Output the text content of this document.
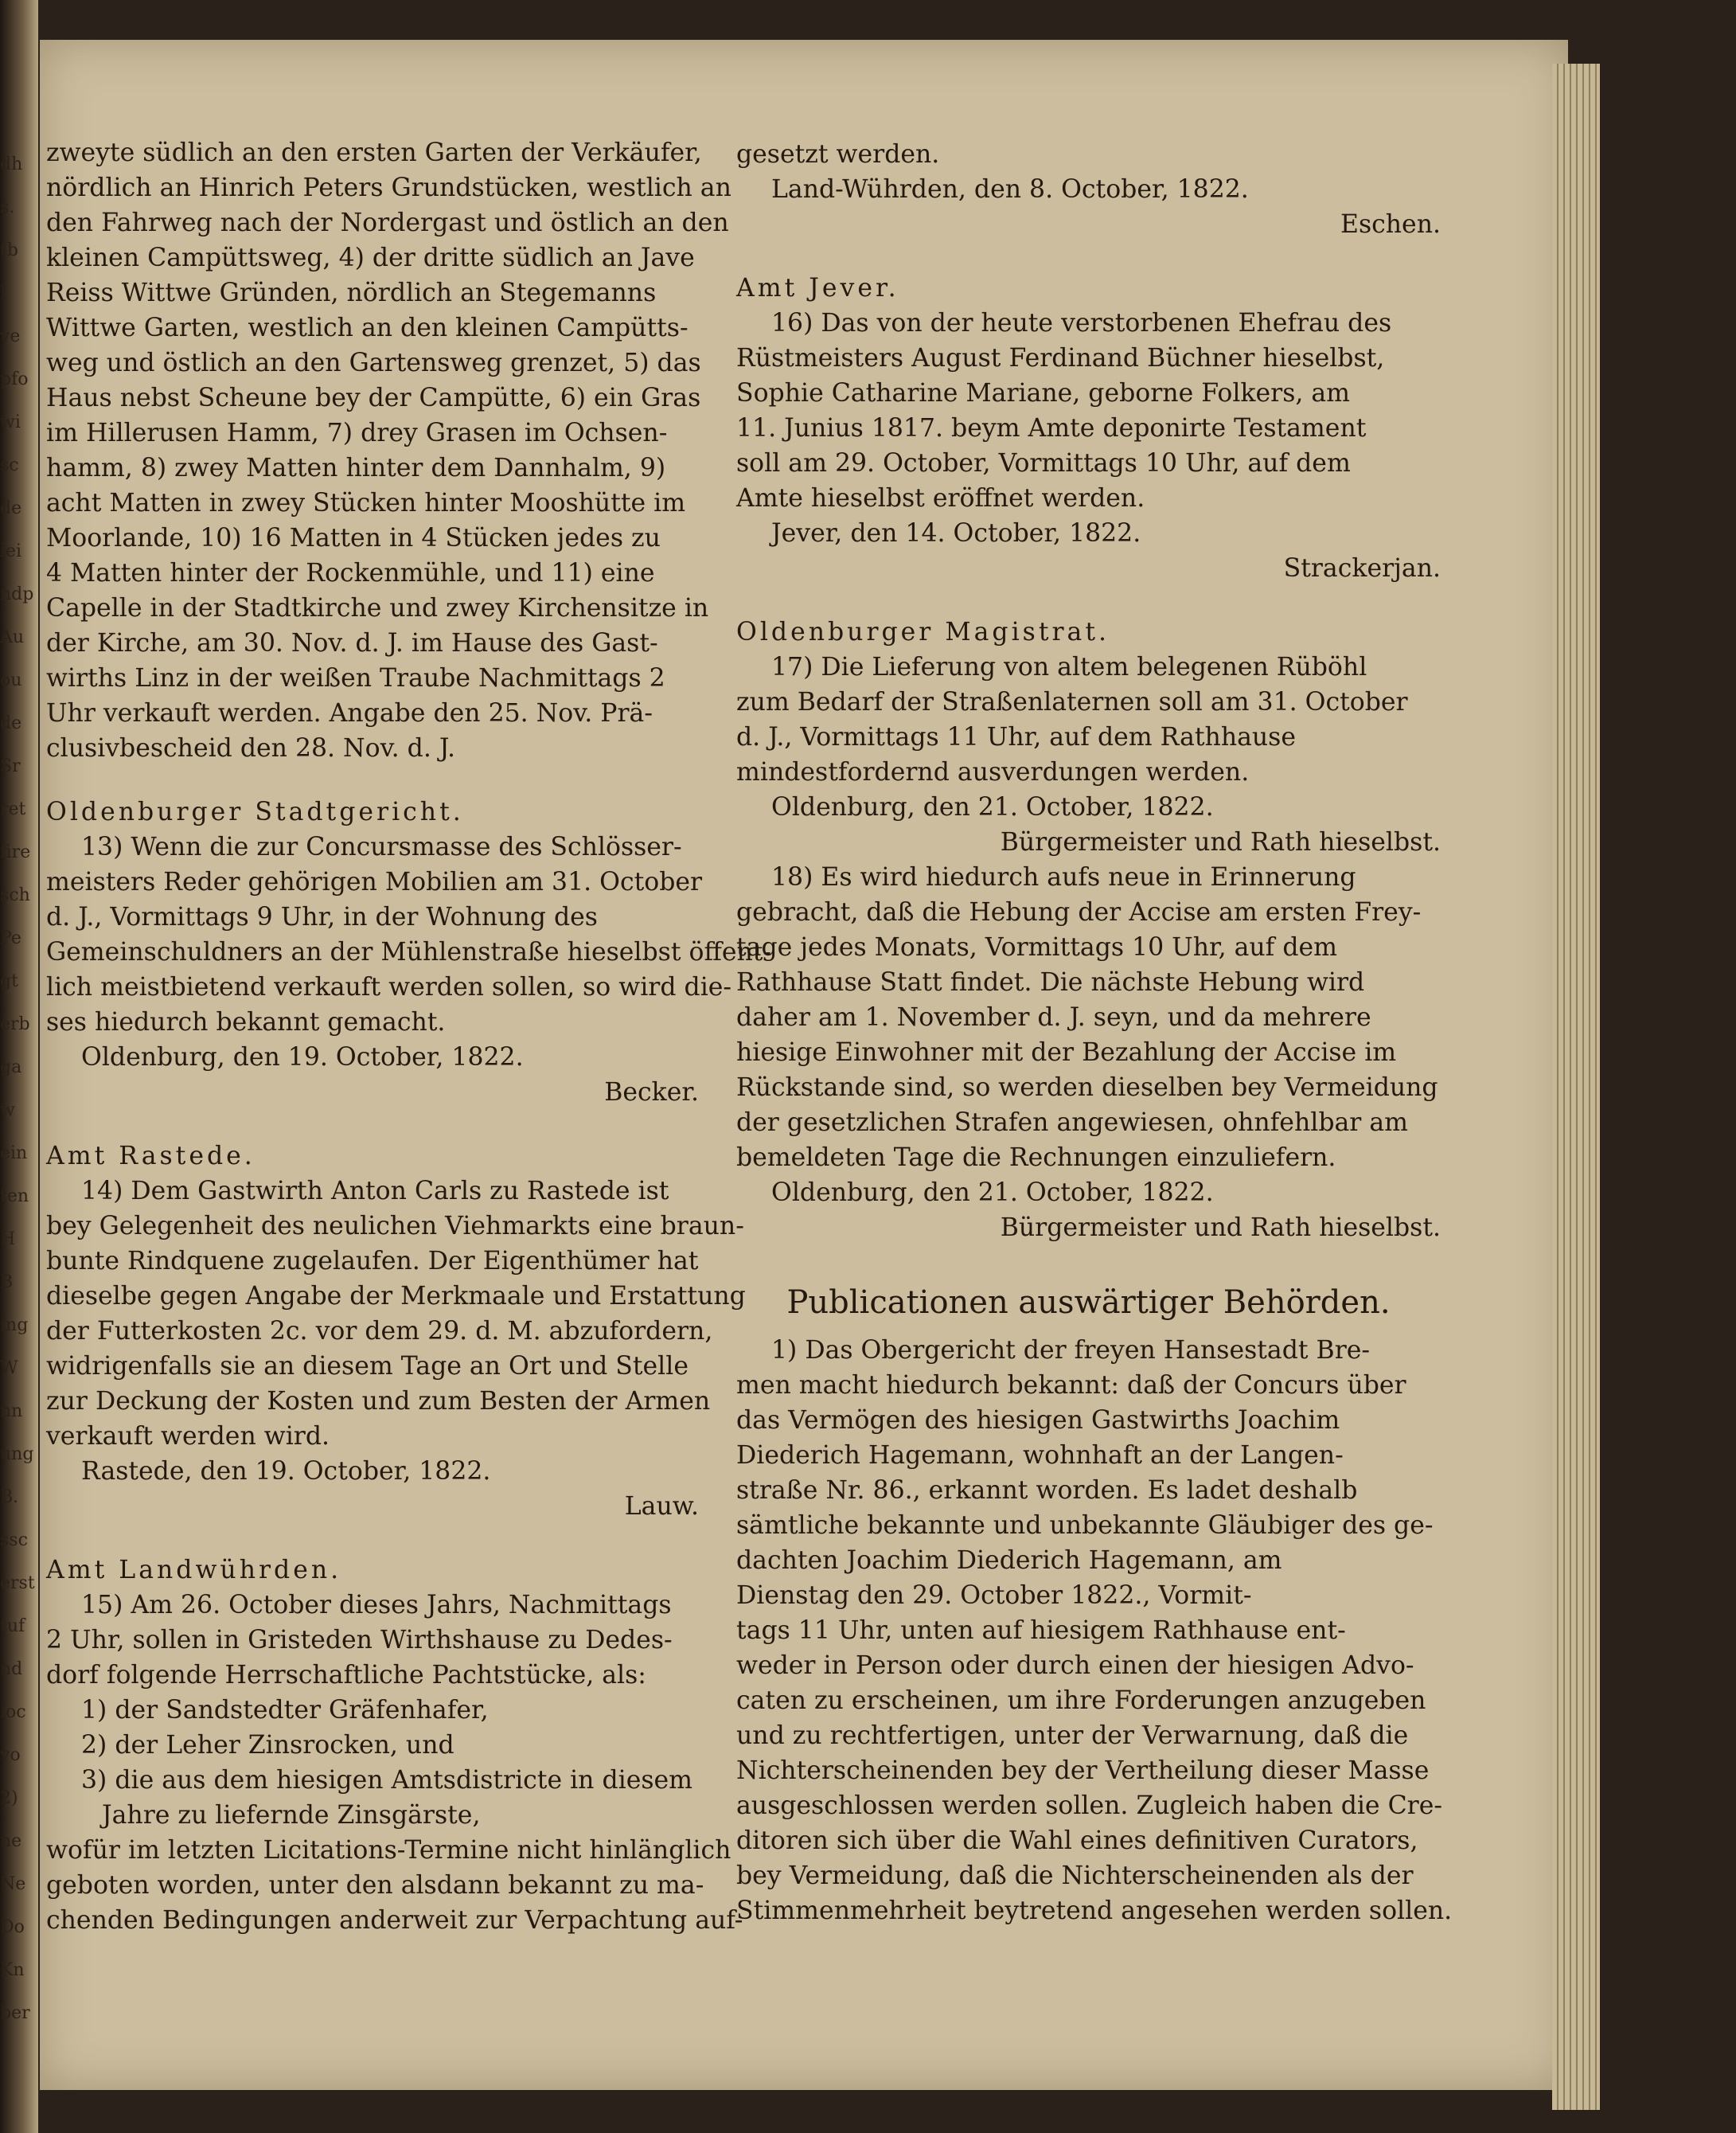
dh
s.
tb
I
ve
pfo
wi
sc
de
lei
ndp
Au
ou
de
Sr
ret
fire
sch
Pe
gt
erb
ga
w
ein
ten
H
B
ing
W
nn
ung
B.
ssc
erst
tuf
nd
ioc
vo
2)
ne
Ne
Do
Kn
ber
zweyte südlich an den ersten Garten der Verkäufer,
nördlich an Hinrich Peters Grundstücken, westlich an
den Fahrweg nach der Nordergast und östlich an den
kleinen Campüttsweg, 4) der dritte südlich an Jave
Reiss Wittwe Gründen, nördlich an Stegemanns
Wittwe Garten, westlich an den kleinen Campütts-
weg und östlich an den Gartensweg grenzet, 5) das
Haus nebst Scheune bey der Campütte, 6) ein Gras
im Hillerusen Hamm, 7) drey Grasen im Ochsen-
hamm, 8) zwey Matten hinter dem Dannhalm, 9)
acht Matten in zwey Stücken hinter Mooshütte im
Moorlande, 10) 16 Matten in 4 Stücken jedes zu
4 Matten hinter der Rockenmühle, und 11) eine
Capelle in der Stadtkirche und zwey Kirchensitze in
der Kirche, am 30. Nov. d. J. im Hause des Gast-
wirths Linz in der weißen Traube Nachmittags 2
Uhr verkauft werden. Angabe den 25. Nov. Prä-
clusivbescheid den 28. Nov. d. J.
Oldenburger Stadtgericht.
13) Wenn die zur Concursmasse des Schlösser-
meisters Reder gehörigen Mobilien am 31. October
d. J., Vormittags 9 Uhr, in der Wohnung des
Gemeinschuldners an der Mühlenstraße hieselbst öffent-
lich meistbietend verkauft werden sollen, so wird die-
ses hiedurch bekannt gemacht.
Oldenburg, den 19. October, 1822.
Becker.
Amt Rastede.
14) Dem Gastwirth Anton Carls zu Rastede ist
bey Gelegenheit des neulichen Viehmarkts eine braun-
bunte Rindquene zugelaufen. Der Eigenthümer hat
dieselbe gegen Angabe der Merkmaale und Erstattung
der Futterkosten 2c. vor dem 29. d. M. abzufordern,
widrigenfalls sie an diesem Tage an Ort und Stelle
zur Deckung der Kosten und zum Besten der Armen
verkauft werden wird.
Rastede, den 19. October, 1822.
Lauw.
Amt Landwührden.
15) Am 26. October dieses Jahrs, Nachmittags
2 Uhr, sollen in Gristeden Wirthshause zu Dedes-
dorf folgende Herrschaftliche Pachtstücke, als:
1) der Sandstedter Gräfenhafer,
2) der Leher Zinsrocken, und
3) die aus dem hiesigen Amtsdistricte in diesem
Jahre zu liefernde Zinsgärste,
wofür im letzten Licitations-Termine nicht hinlänglich
geboten worden, unter den alsdann bekannt zu ma-
chenden Bedingungen anderweit zur Verpachtung auf-
gesetzt werden.
Land-Wührden, den 8. October, 1822.
Eschen.
Amt Jever.
16) Das von der heute verstorbenen Ehefrau des
Rüstmeisters August Ferdinand Büchner hieselbst,
Sophie Catharine Mariane, geborne Folkers, am
11. Junius 1817. beym Amte deponirte Testament
soll am 29. October, Vormittags 10 Uhr, auf dem
Amte hieselbst eröffnet werden.
Jever, den 14. October, 1822.
Strackerjan.
Oldenburger Magistrat.
17) Die Lieferung von altem belegenen Rüböhl
zum Bedarf der Straßenlaternen soll am 31. October
d. J., Vormittags 11 Uhr, auf dem Rathhause
mindestfordernd ausverdungen werden.
Oldenburg, den 21. October, 1822.
Bürgermeister und Rath hieselbst.
18) Es wird hiedurch aufs neue in Erinnerung
gebracht, daß die Hebung der Accise am ersten Frey-
tage jedes Monats, Vormittags 10 Uhr, auf dem
Rathhause Statt findet. Die nächste Hebung wird
daher am 1. November d. J. seyn, und da mehrere
hiesige Einwohner mit der Bezahlung der Accise im
Rückstande sind, so werden dieselben bey Vermeidung
der gesetzlichen Strafen angewiesen, ohnfehlbar am
bemeldeten Tage die Rechnungen einzuliefern.
Oldenburg, den 21. October, 1822.
Bürgermeister und Rath hieselbst.
Publicationen auswärtiger Behörden.
1) Das Obergericht der freyen Hansestadt Bre-
men macht hiedurch bekannt: daß der Concurs über
das Vermögen des hiesigen Gastwirths Joachim
Diederich Hagemann, wohnhaft an der Langen-
straße Nr. 86., erkannt worden. Es ladet deshalb
sämtliche bekannte und unbekannte Gläubiger des ge-
dachten Joachim Diederich Hagemann, am
Dienstag den 29. October 1822., Vormit-
tags 11 Uhr, unten auf hiesigem Rathhause ent-
weder in Person oder durch einen der hiesigen Advo-
caten zu erscheinen, um ihre Forderungen anzugeben
und zu rechtfertigen, unter der Verwarnung, daß die
Nichterscheinenden bey der Vertheilung dieser Masse
ausgeschlossen werden sollen. Zugleich haben die Cre-
ditoren sich über die Wahl eines definitiven Curators,
bey Vermeidung, daß die Nichterscheinenden als der
Stimmenmehrheit beytretend angesehen werden sollen.
